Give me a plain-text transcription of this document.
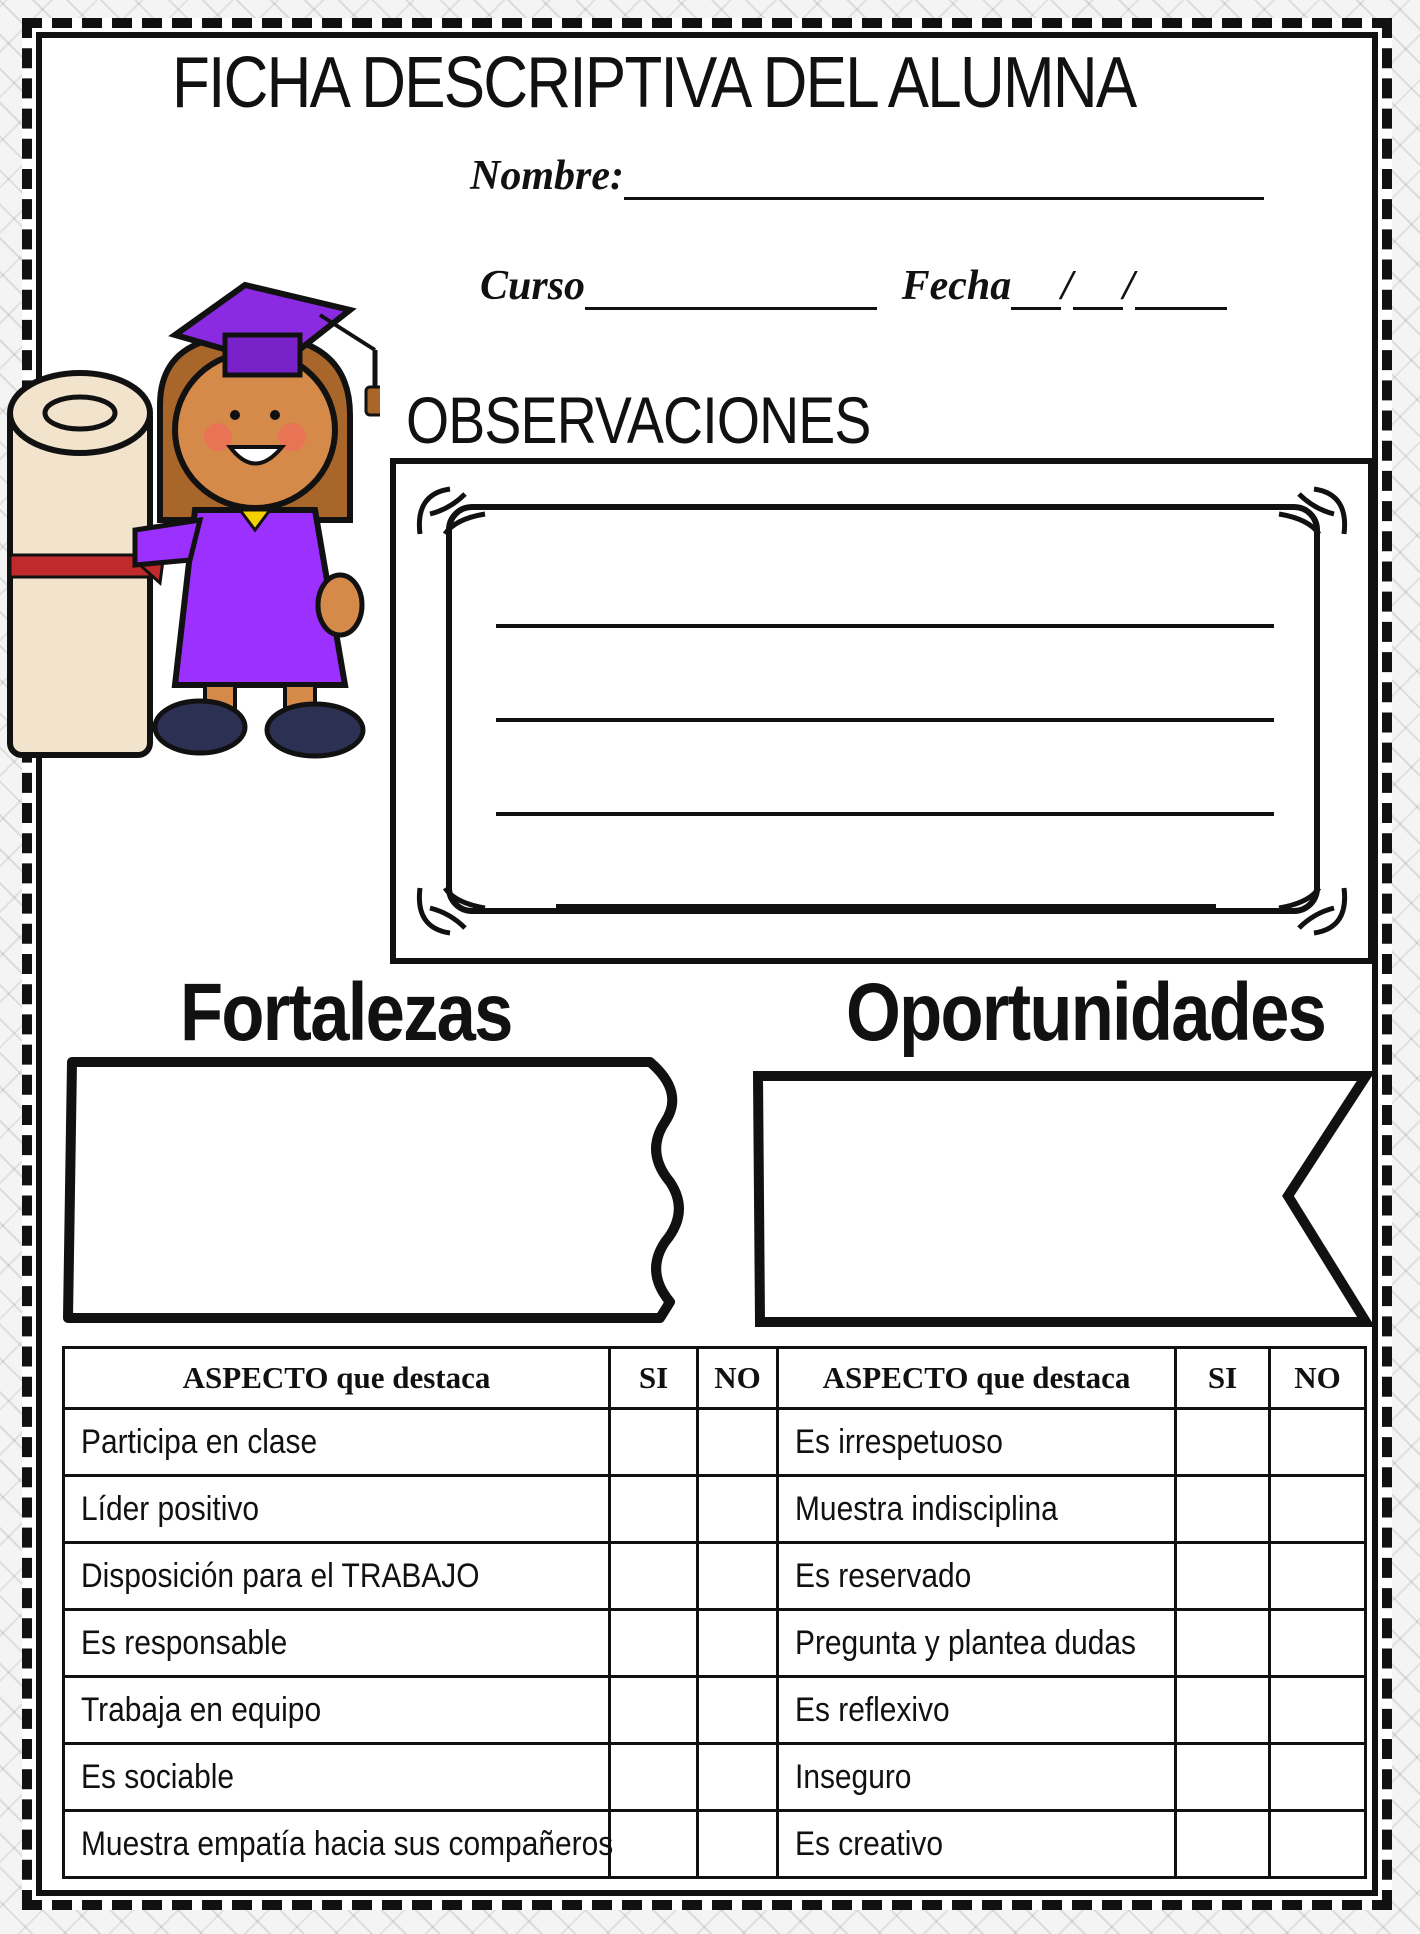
FICHA DESCRIPTIVA DEL ALUMNA
Nombre:
Curso	Fecha / /
OBSERVACIONES
Fortalezas	Oportunidades
ASPECTO que destaca	SI	NO	ASPECTO que destaca	SI	NO
Participa en clase			Es irrespetuoso		
Líder positivo			Muestra indisciplina		
Disposición para el TRABAJO			Es reservado		
Es responsable			Pregunta y plantea dudas		
Trabaja en equipo			Es reflexivo		
Es sociable			Inseguro		
Muestra empatía hacia sus compañeros			Es creativo		
